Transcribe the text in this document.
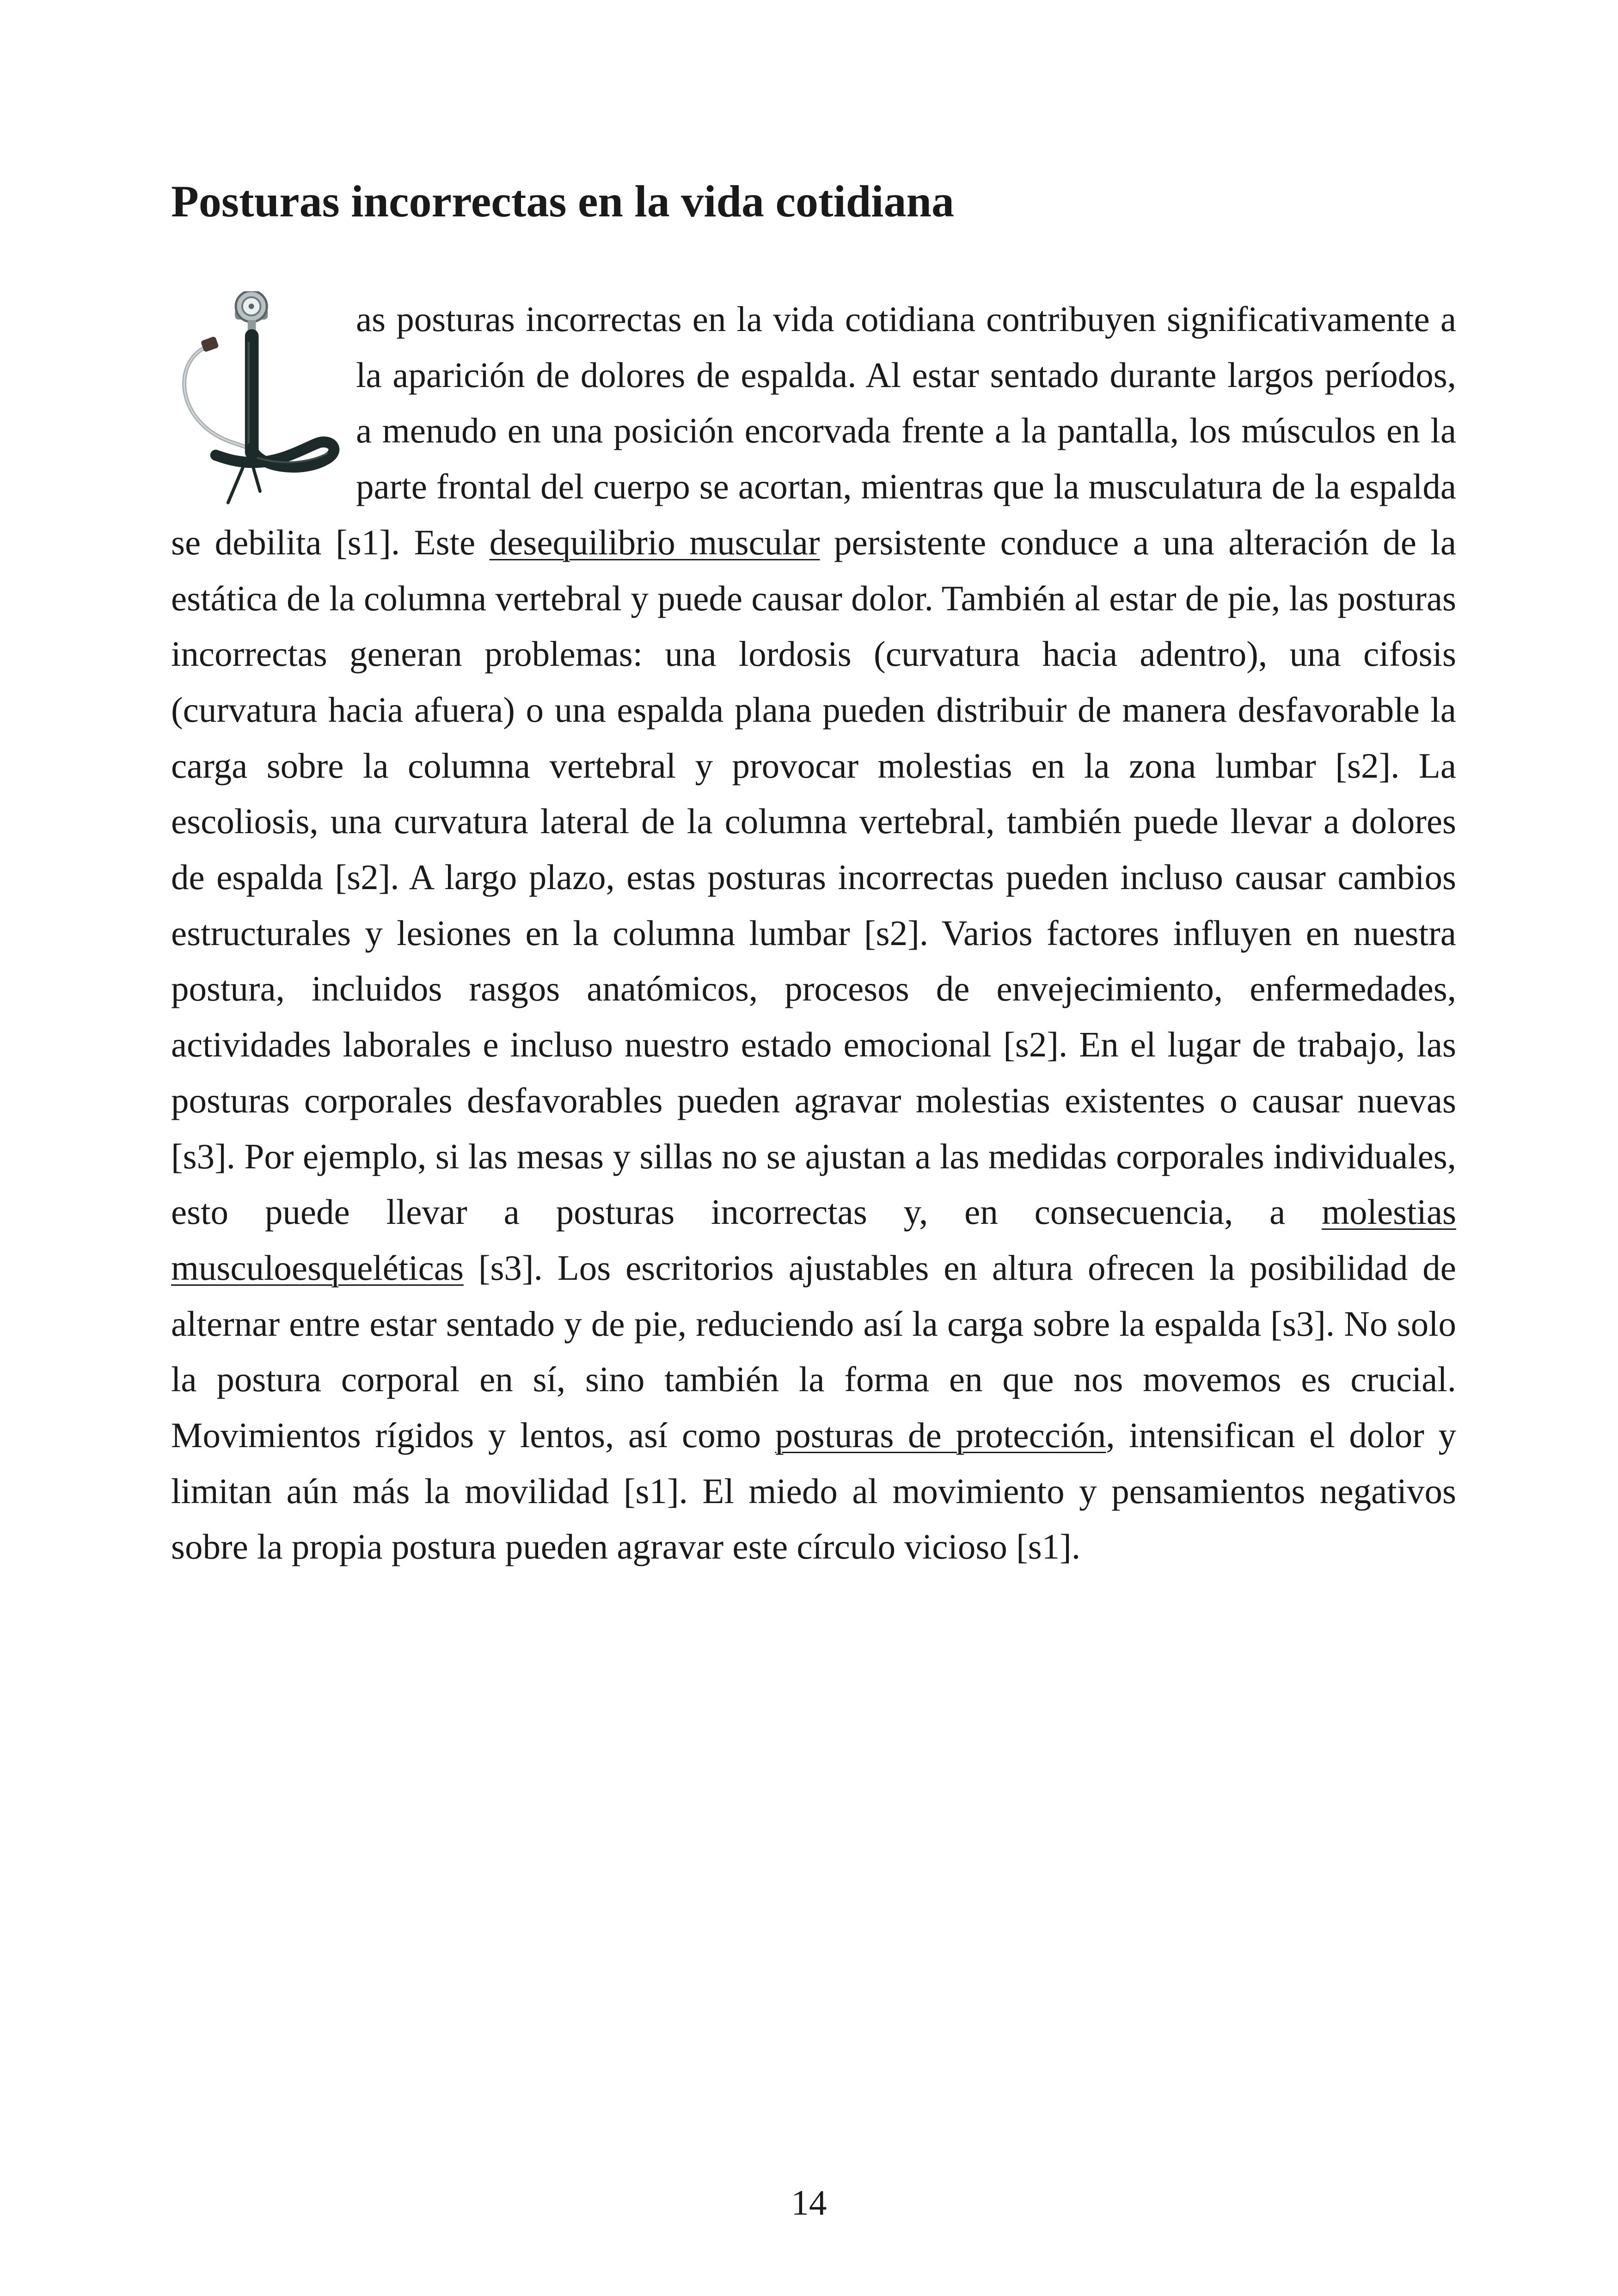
Posturas incorrectas en la vida cotidiana

as posturas incorrectas en la vida cotidiana contribuyen significativamente a la aparición de dolores de espalda. Al estar sentado durante largos períodos, a menudo en una posición encorvada frente a la pantalla, los músculos en la parte frontal del cuerpo se acortan, mientras que la musculatura de la espalda se debilita [s1]. Este desequilibrio muscular persistente conduce a una alteración de la estática de la columna vertebral y puede causar dolor. También al estar de pie, las posturas incorrectas generan problemas: una lordosis (curvatura hacia adentro), una cifosis (curvatura hacia afuera) o una espalda plana pueden distribuir de manera desfavorable la carga sobre la columna vertebral y provocar molestias en la zona lumbar [s2]. La escoliosis, una curvatura lateral de la columna vertebral, también puede llevar a dolores de espalda [s2]. A largo plazo, estas posturas incorrectas pueden incluso causar cambios estructurales y lesiones en la columna lumbar [s2]. Varios factores influyen en nuestra postura, incluidos rasgos anatómicos, procesos de envejecimiento, enfermedades, actividades laborales e incluso nuestro estado emocional [s2]. En el lugar de trabajo, las posturas corporales desfavorables pueden agravar molestias existentes o causar nuevas [s3]. Por ejemplo, si las mesas y sillas no se ajustan a las medidas corporales individuales, esto puede llevar a posturas incorrectas y, en consecuencia, a molestias musculoesqueléticas [s3]. Los escritorios ajustables en altura ofrecen la posibilidad de alternar entre estar sentado y de pie, reduciendo así la carga sobre la espalda [s3]. No solo la postura corporal en sí, sino también la forma en que nos movemos es crucial. Movimientos rígidos y lentos, así como posturas de protección, intensifican el dolor y limitan aún más la movilidad [s1]. El miedo al movimiento y pensamientos negativos sobre la propia postura pueden agravar este círculo vicioso [s1].

14
